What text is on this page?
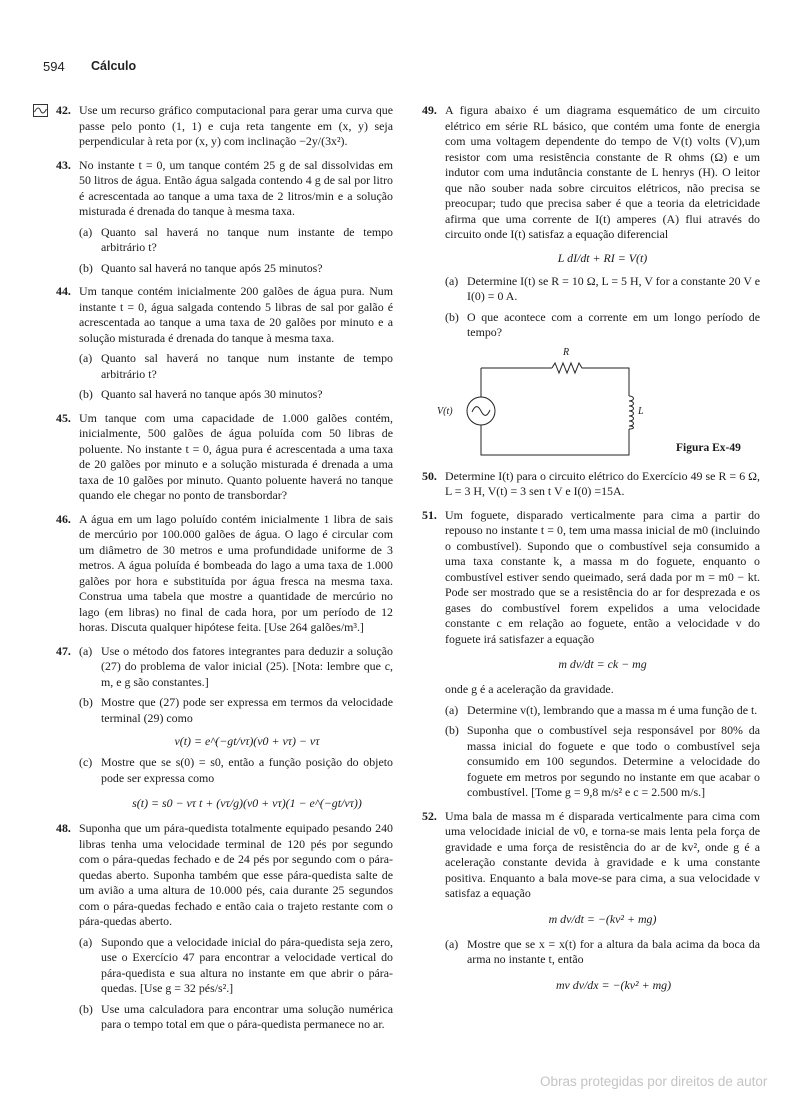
594 Cálculo
42. Use um recurso gráfico computacional para gerar uma curva que passe pelo ponto (1, 1) e cuja reta tangente em (x, y) seja perpendicular à reta por (x, y) com inclinação −2y/(3x²).

43. No instante t = 0, um tanque contém 25 g de sal dissolvidas em 50 litros de água. Então água salgada contendo 4 g de sal por litro é acrescentada ao tanque a uma taxa de 2 litros/min e a solução misturada é drenada do tanque à mesma taxa.

(a) Quanto sal haverá no tanque num instante de tempo arbitrário t?
(b) Quanto sal haverá no tanque após 25 minutos?
44. Um tanque contém inicialmente 200 galões de água pura. Num instante t = 0, água salgada contendo 5 libras de sal por galão é acrescentada ao tanque a uma taxa de 20 galões por minuto e a solução misturada é drenada do tanque à mesma taxa.

(a) Quanto sal haverá no tanque num instante de tempo arbitrário t?
(b) Quanto sal haverá no tanque após 30 minutos?
45. Um tanque com uma capacidade de 1.000 galões contém, inicialmente, 500 galões de água poluída com 50 libras de poluente. No instante t = 0, água pura é acrescentada a uma taxa de 20 galões por minuto e a solução misturada é drenada a uma taxa de 10 galões por minuto. Quanto poluente haverá no tanque quando ele chegar no ponto de transbordar?

46. A água em um lago poluído contém inicialmente 1 libra de sais de mercúrio por 100.000 galões de água. O lago é circular com um diâmetro de 30 metros e uma profundidade uniforme de 3 metros. A água poluída é bombeada do lago a uma taxa de 1.000 galões por hora e substituída por água fresca na mesma taxa. Construa uma tabela que mostre a quantidade de mercúrio no lago (em libras) no final de cada hora, por um período de 12 horas. Discuta qualquer hipótese feita. [Use 264 galões/m³.]

47. (a) Use o método dos fatores integrantes para deduzir a solução (27) do problema de valor inicial (25). [Nota: lembre que c, m, e g são constantes.]
(b) Mostre que (27) pode ser expressa em termos da velocidade terminal (29) como
v(t) = e^(−gt/vτ)(v0 + vτ) − vτ
(c) Mostre que se s(0) = s0, então a função posição do objeto pode ser expressa como
s(t) = s0 − vτ t + (vτ/g)(v0 + vτ)(1 − e^(−gt/vτ))
48. Suponha que um pára-quedista totalmente equipado pesando 240 libras tenha uma velocidade terminal de 120 pés por segundo com o pára-quedas fechado e de 24 pés por segundo com o pára-quedas aberto. Suponha também que esse pára-quedista salte de um avião a uma altura de 10.000 pés, caia durante 25 segundos com o pára-quedas fechado e então caia o trajeto restante com o pára-quedas aberto.

(a) Supondo que a velocidade inicial do pára-quedista seja zero, use o Exercício 47 para encontrar a velocidade vertical do pára-quedista e sua altura no instante em que abrir o pára-quedas. [Use g = 32 pés/s².]
(b) Use uma calculadora para encontrar uma solução numérica para o tempo total em que o pára-quedista permanece no ar.
49. A figura abaixo é um diagrama esquemático de um circuito elétrico em série RL básico, que contém uma fonte de energia com uma voltagem dependente do tempo de V(t) volts (V),um resistor com uma resistência constante de R ohms (Ω) e um indutor com uma indutância constante de L henrys (H). O leitor que não souber nada sobre circuitos elétricos, não precisa se preocupar; tudo que precisa saber é que a teoria da eletricidade afirma que uma corrente de I(t) amperes (A) flui através do circuito onde I(t) satisfaz a equação diferencial

L dI/dt + RI = V(t)
(a) Determine I(t) se R = 10 Ω, L = 5 H, V for a constante 20 V e I(0) = 0 A.
(b) O que acontece com a corrente em um longo período de tempo?
R
L
V(t)
Figura Ex-49
50. Determine I(t) para o circuito elétrico do Exercício 49 se R = 6 Ω, L = 3 H, V(t) = 3 sen t V e I(0) =15A.

51. Um foguete, disparado verticalmente para cima a partir do repouso no instante t = 0, tem uma massa inicial de m0 (incluindo o combustível). Supondo que o combustível seja consumido a uma taxa constante k, a massa m do foguete, enquanto o combustível estiver sendo queimado, será dada por m = m0 − kt. Pode ser mostrado que se a resistência do ar for desprezada e os gases do combustível forem expelidos a uma velocidade constante c em relação ao foguete, então a velocidade v do foguete irá satisfazer a equação

m dv/dt = ck − mg

onde g é a aceleração da gravidade.

(a) Determine v(t), lembrando que a massa m é uma função de t.
(b) Suponha que o combustível seja responsável por 80% da massa inicial do foguete e que todo o combustível seja consumido em 100 segundos. Determine a velocidade do foguete em metros por segundo no instante em que acabar o combustível. [Tome g = 9,8 m/s² e c = 2.500 m/s.]
52. Uma bala de massa m é disparada verticalmente para cima com uma velocidade inicial de v0, e torna-se mais lenta pela força de gravidade e uma força de resistência do ar de kv², onde g é a aceleração constante devida à gravidade e k uma constante positiva. Enquanto a bala move-se para cima, a sua velocidade v satisfaz a equação

m dv/dt = −(kv² + mg)
(a) Mostre que se x = x(t) for a altura da bala acima da boca da arma no instante t, então
mv dv/dx = −(kv² + mg)
Obras protegidas por direitos de autor
